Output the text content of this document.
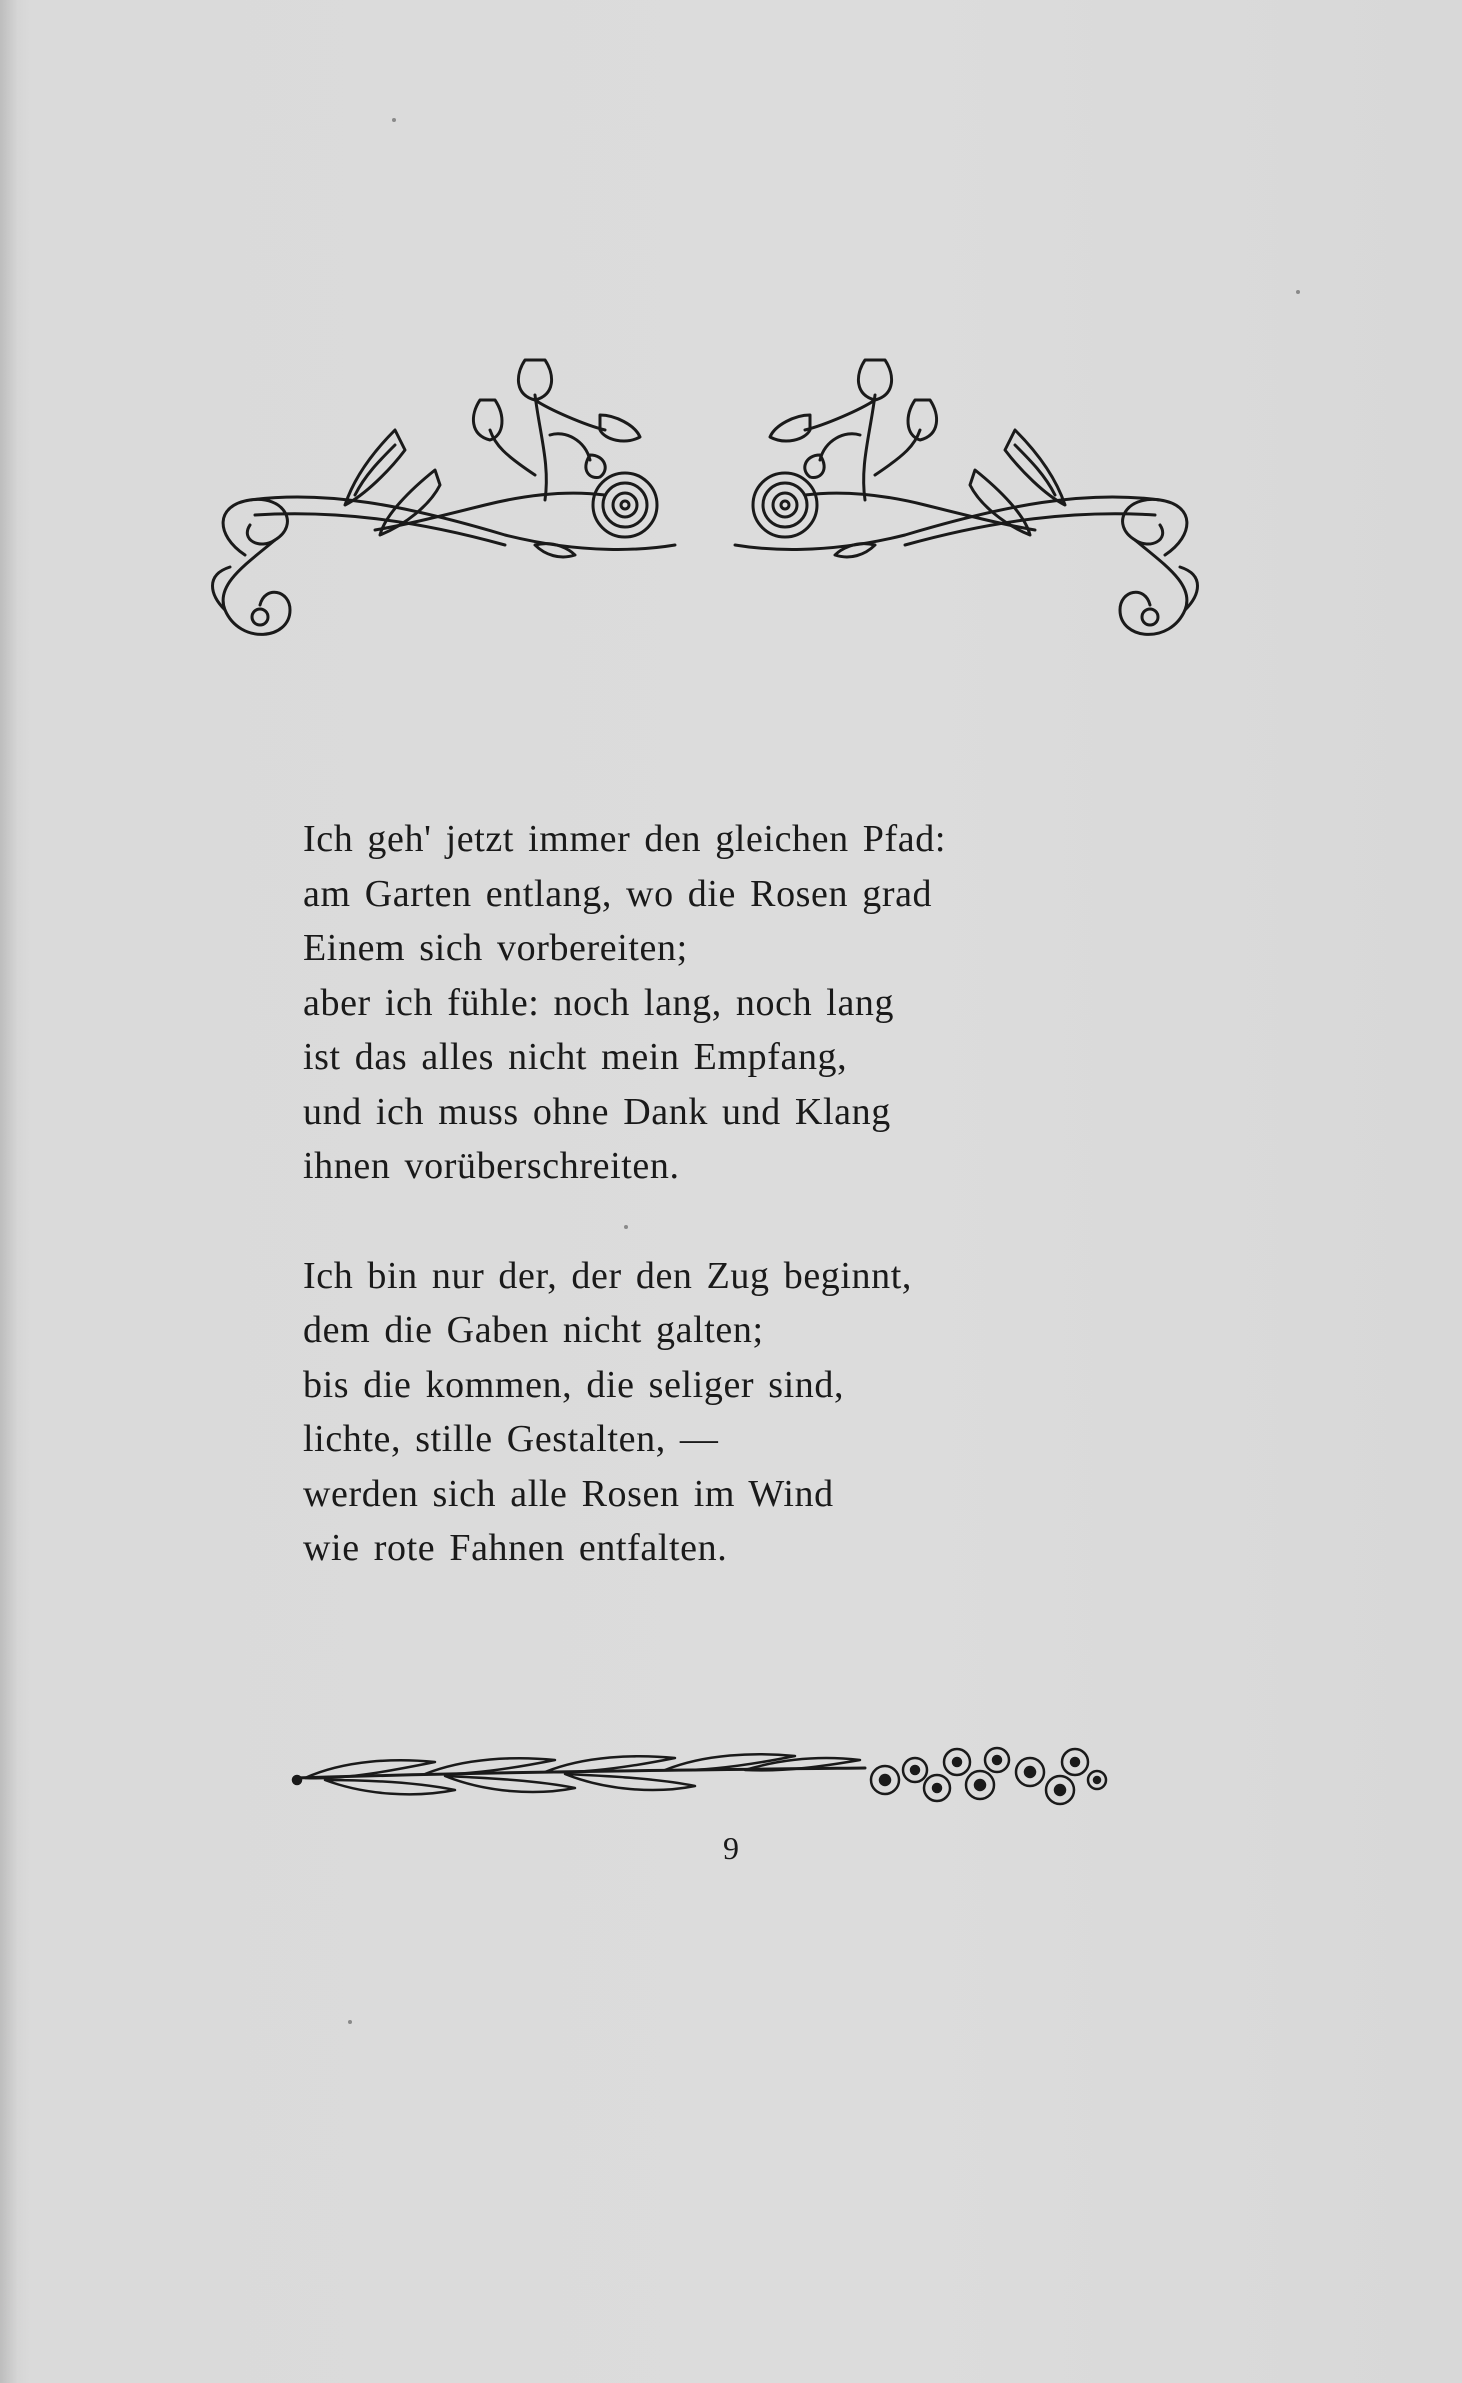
Ich geh' jetzt immer den gleichen Pfad:
am Garten entlang, wo die Rosen grad
Einem sich vorbereiten;
aber ich fühle: noch lang, noch lang
ist das alles nicht mein Empfang,
und ich muss ohne Dank und Klang
ihnen vorüberschreiten.

Ich bin nur der, der den Zug beginnt,
dem die Gaben nicht galten;
bis die kommen, die seliger sind,
lichte, stille Gestalten, —
werden sich alle Rosen im Wind
wie rote Fahnen entfalten.

9
